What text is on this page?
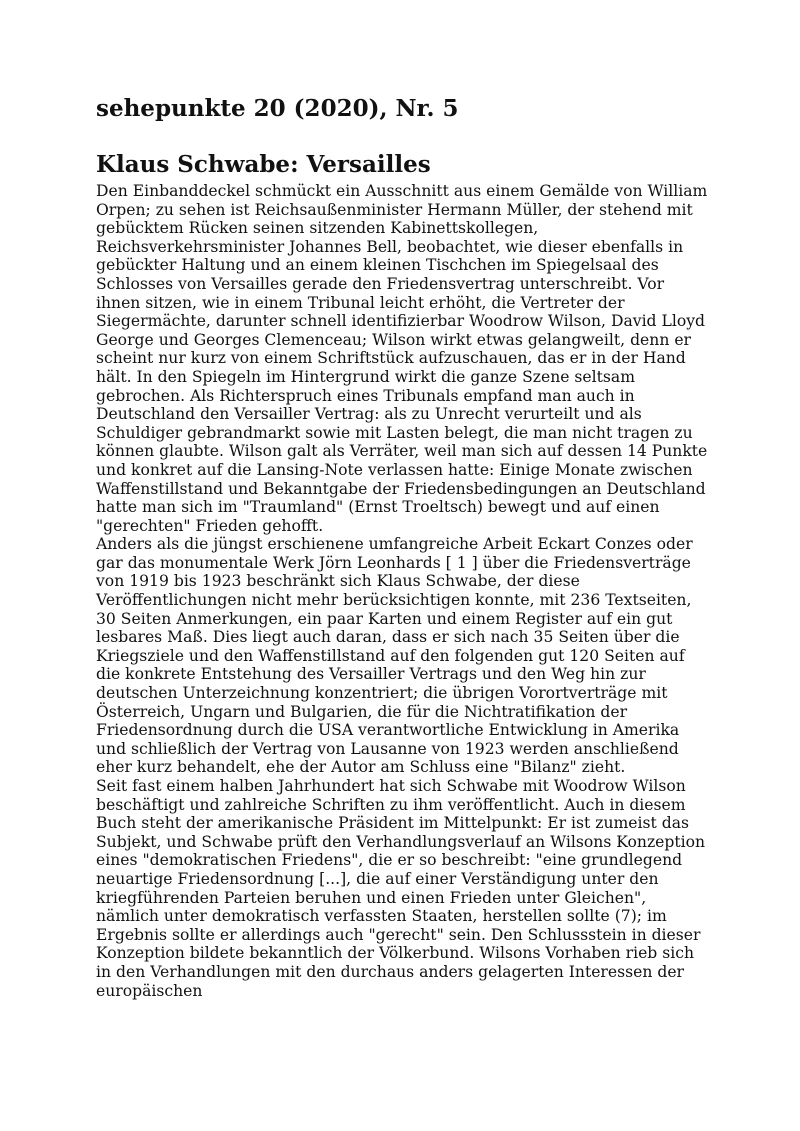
sehepunkte 20 (2020), Nr. 5
Klaus Schwabe: Versailles

Den Einbanddeckel schmückt ein Ausschnitt aus einem Gemälde von William Orpen; zu sehen ist Reichsaußenminister Hermann Müller, der stehend mit gebücktem Rücken seinen sitzenden Kabinettskollegen, Reichsverkehrsminister Johannes Bell, beobachtet, wie dieser ebenfalls in gebückter Haltung und an einem kleinen Tischchen im Spiegelsaal des Schlosses von Versailles gerade den Friedensvertrag unterschreibt. Vor ihnen sitzen, wie in einem Tribunal leicht erhöht, die Vertreter der Siegermächte, darunter schnell identifizierbar Woodrow Wilson, David Lloyd George und Georges Clemenceau; Wilson wirkt etwas gelangweilt, denn er scheint nur kurz von einem Schriftstück aufzuschauen, das er in der Hand hält. In den Spiegeln im Hintergrund wirkt die ganze Szene seltsam gebrochen. Als Richterspruch eines Tribunals empfand man auch in Deutschland den Versailler Vertrag: als zu Unrecht verurteilt und als Schuldiger gebrandmarkt sowie mit Lasten belegt, die man nicht tragen zu können glaubte. Wilson galt als Verräter, weil man sich auf dessen 14 Punkte und konkret auf die Lansing-Note verlassen hatte: Einige Monate zwischen Waffenstillstand und Bekanntgabe der Friedensbedingungen an Deutschland hatte man sich im "Traumland" (Ernst Troeltsch) bewegt und auf einen "gerechten" Frieden gehofft.

Anders als die jüngst erschienene umfangreiche Arbeit Eckart Conzes oder gar das monumentale Werk Jörn Leonhards [ 1 ] über die Friedensverträge von 1919 bis 1923 beschränkt sich Klaus Schwabe, der diese Veröffentlichungen nicht mehr berücksichtigen konnte, mit 236 Textseiten, 30 Seiten Anmerkungen, ein paar Karten und einem Register auf ein gut lesbares Maß. Dies liegt auch daran, dass er sich nach 35 Seiten über die Kriegsziele und den Waffenstillstand auf den folgenden gut 120 Seiten auf die konkrete Entstehung des Versailler Vertrags und den Weg hin zur deutschen Unterzeichnung konzentriert; die übrigen Vorortverträge mit Österreich, Ungarn und Bulgarien, die für die Nichtratifikation der Friedensordnung durch die USA verantwortliche Entwicklung in Amerika und schließlich der Vertrag von Lausanne von 1923 werden anschließend eher kurz behandelt, ehe der Autor am Schluss eine "Bilanz" zieht.

Seit fast einem halben Jahrhundert hat sich Schwabe mit Woodrow Wilson beschäftigt und zahlreiche Schriften zu ihm veröffentlicht. Auch in diesem Buch steht der amerikanische Präsident im Mittelpunkt: Er ist zumeist das Subjekt, und Schwabe prüft den Verhandlungsverlauf an Wilsons Konzeption eines "demokratischen Friedens", die er so beschreibt: "eine grundlegend neuartige Friedensordnung [...], die auf einer Verständigung unter den kriegführenden Parteien beruhen und einen Frieden unter Gleichen", nämlich unter demokratisch verfassten Staaten, herstellen sollte (7); im Ergebnis sollte er allerdings auch "gerecht" sein. Den Schlussstein in dieser Konzeption bildete bekanntlich der Völkerbund. Wilsons Vorhaben rieb sich in den Verhandlungen mit den durchaus anders gelagerten Interessen der europäischen
